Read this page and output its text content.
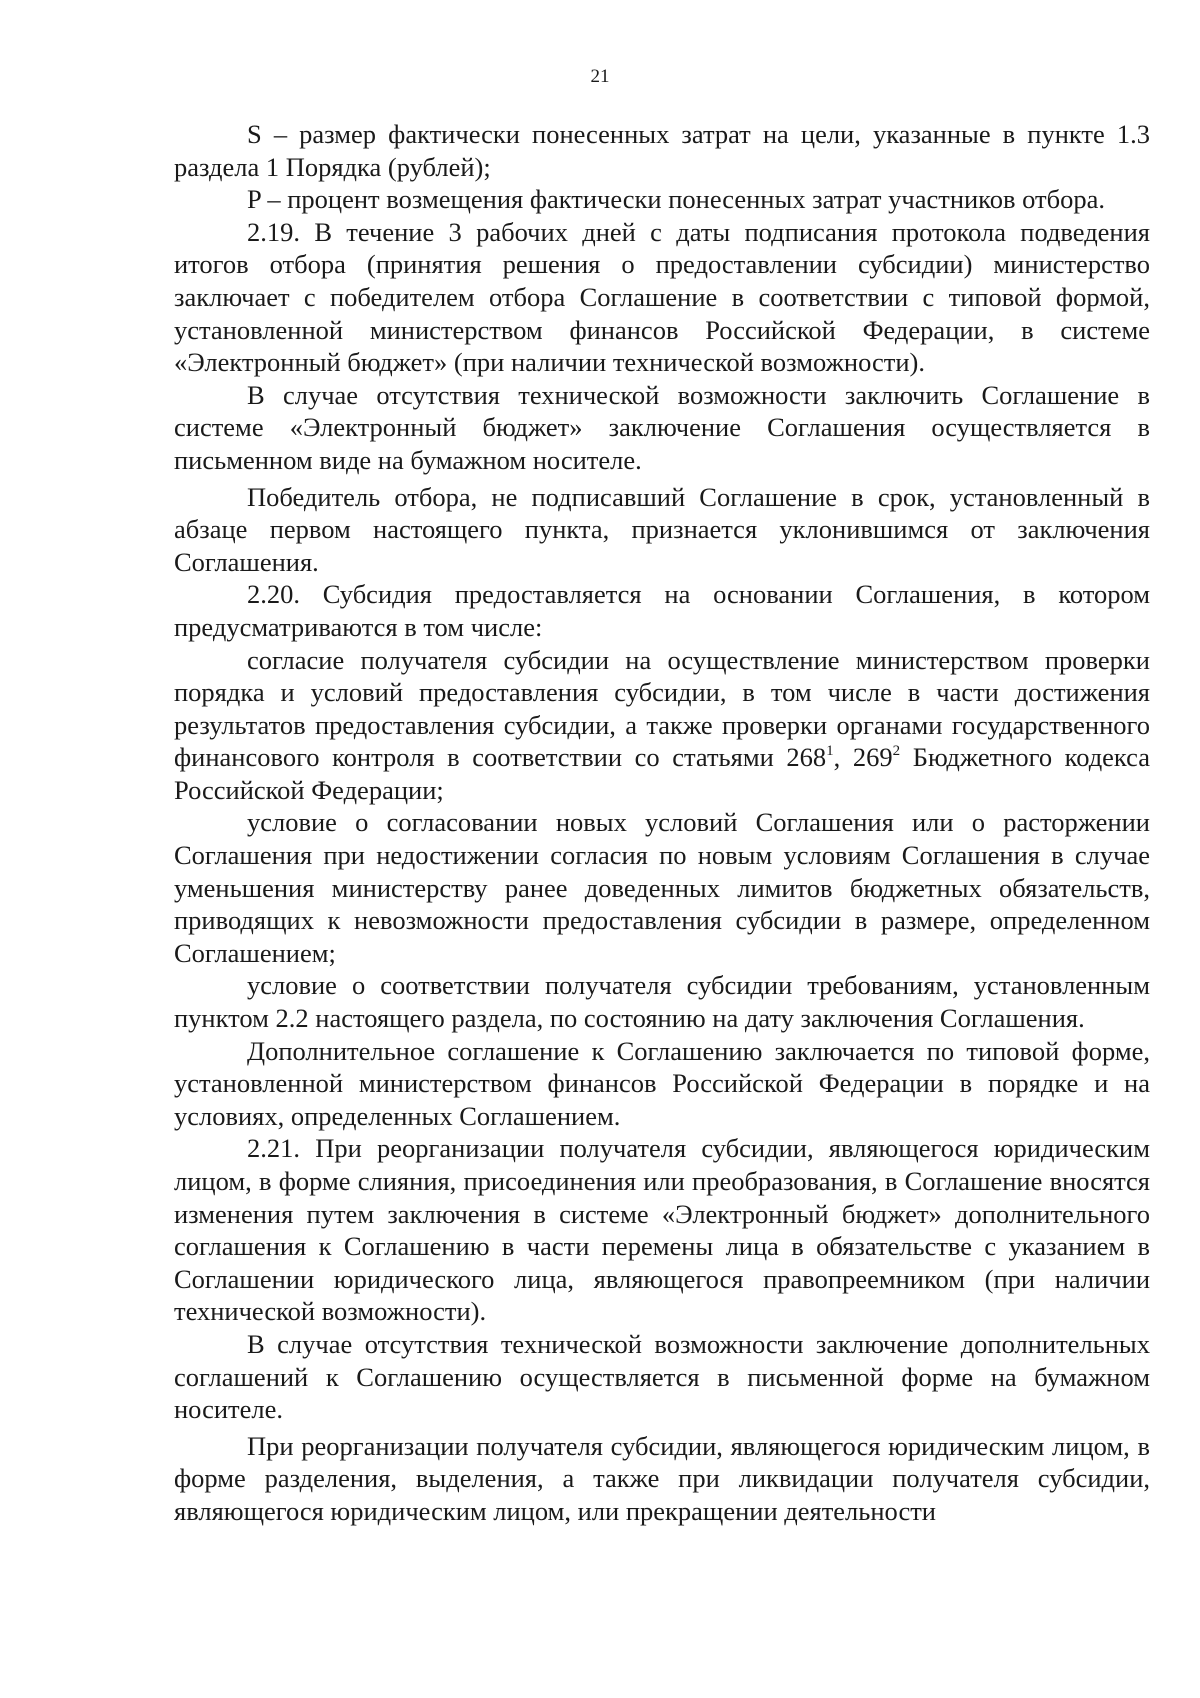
21

S – размер фактически понесенных затрат на цели, указанные в пункте 1.3 раздела 1 Порядка (рублей);

P – процент возмещения фактически понесенных затрат участников отбора.

2.19. В течение 3 рабочих дней с даты подписания протокола подведения итогов отбора (принятия решения о предоставлении субсидии) министерство заключает с победителем отбора Соглашение в соответствии с типовой формой, установленной министерством финансов Российской Федерации, в системе «Электронный бюджет» (при наличии технической возможности).

В случае отсутствия технической возможности заключить Соглашение в системе «Электронный бюджет» заключение Соглашения осуществляется в письменном виде на бумажном носителе.

Победитель отбора, не подписавший Соглашение в срок, установленный в абзаце первом настоящего пункта, признается уклонившимся от заключения Соглашения.

2.20. Субсидия предоставляется на основании Соглашения, в котором предусматриваются в том числе:

согласие получателя субсидии на осуществление министерством проверки порядка и условий предоставления субсидии, в том числе в части достижения результатов предоставления субсидии, а также проверки органами государственного финансового контроля в соответствии со статьями $268^1$, $269^2$ Бюджетного кодекса Российской Федерации;

условие о согласовании новых условий Соглашения или о расторжении Соглашения при недостижении согласия по новым условиям Соглашения в случае уменьшения министерству ранее доведенных лимитов бюджетных обязательств, приводящих к невозможности предоставления субсидии в размере, определенном Соглашением;

условие о соответствии получателя субсидии требованиям, установленным пунктом 2.2 настоящего раздела, по состоянию на дату заключения Соглашения.

Дополнительное соглашение к Соглашению заключается по типовой форме, установленной министерством финансов Российской Федерации в порядке и на условиях, определенных Соглашением.

2.21. При реорганизации получателя субсидии, являющегося юридическим лицом, в форме слияния, присоединения или преобразования, в Соглашение вносятся изменения путем заключения в системе «Электронный бюджет» дополнительного соглашения к Соглашению в части перемены лица в обязательстве с указанием в Соглашении юридического лица, являющегося правопреемником (при наличии технической возможности).

В случае отсутствия технической возможности заключение дополнительных соглашений к Соглашению осуществляется в письменной форме на бумажном носителе.

При реорганизации получателя субсидии, являющегося юридическим лицом, в форме разделения, выделения, а также при ликвидации получателя субсидии, являющегося юридическим лицом, или прекращении деятельности
